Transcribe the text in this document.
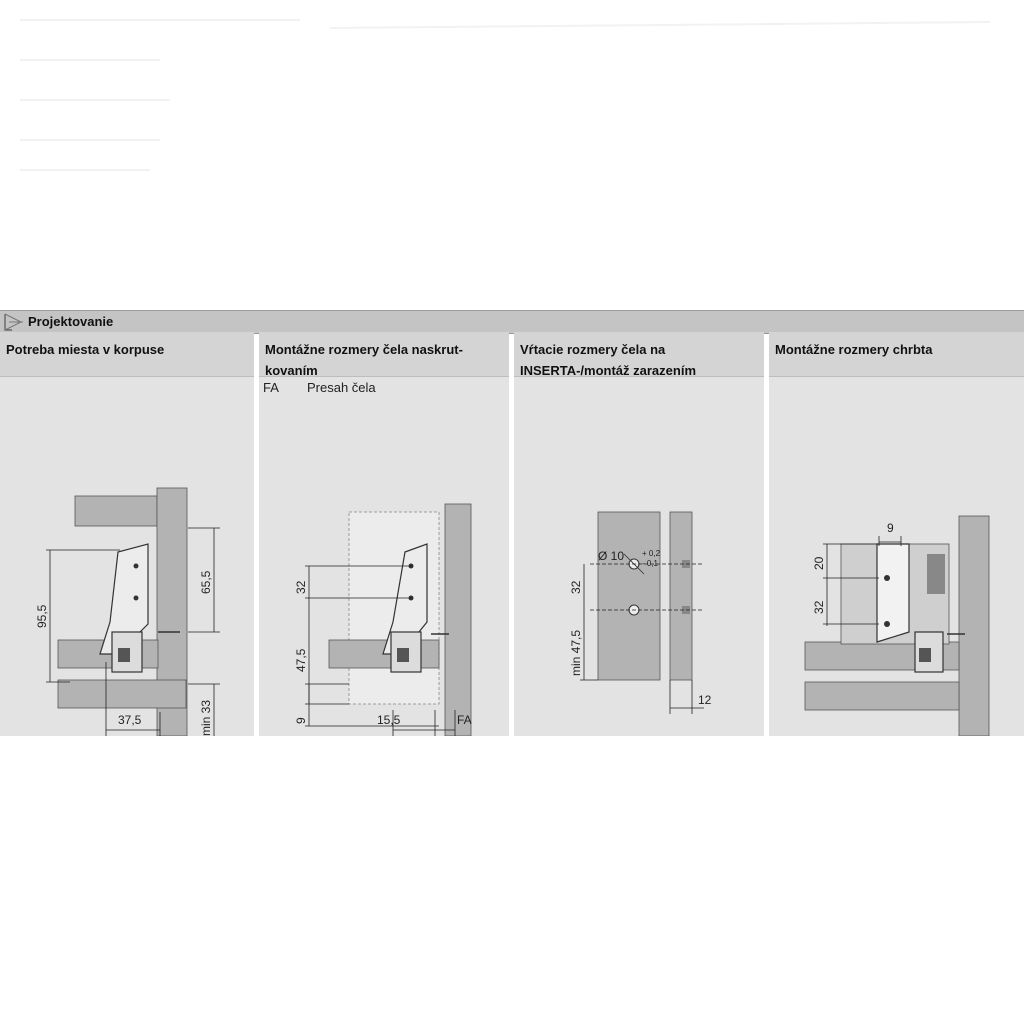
Projektovanie
Potreba miesta v korpuse
95,5
65,5
min 33
37,5
Montážne rozmery čela naskrut-
kovaním
FA Presah čela
32
47,5
9	15,5	FA
Vŕtacie rozmery čela na
INSERTA-/montáž zarazením
Ø 10 + 0,2
- 0,1
32
min 47,5
12
Montážne rozmery chrbta
9
20
32
